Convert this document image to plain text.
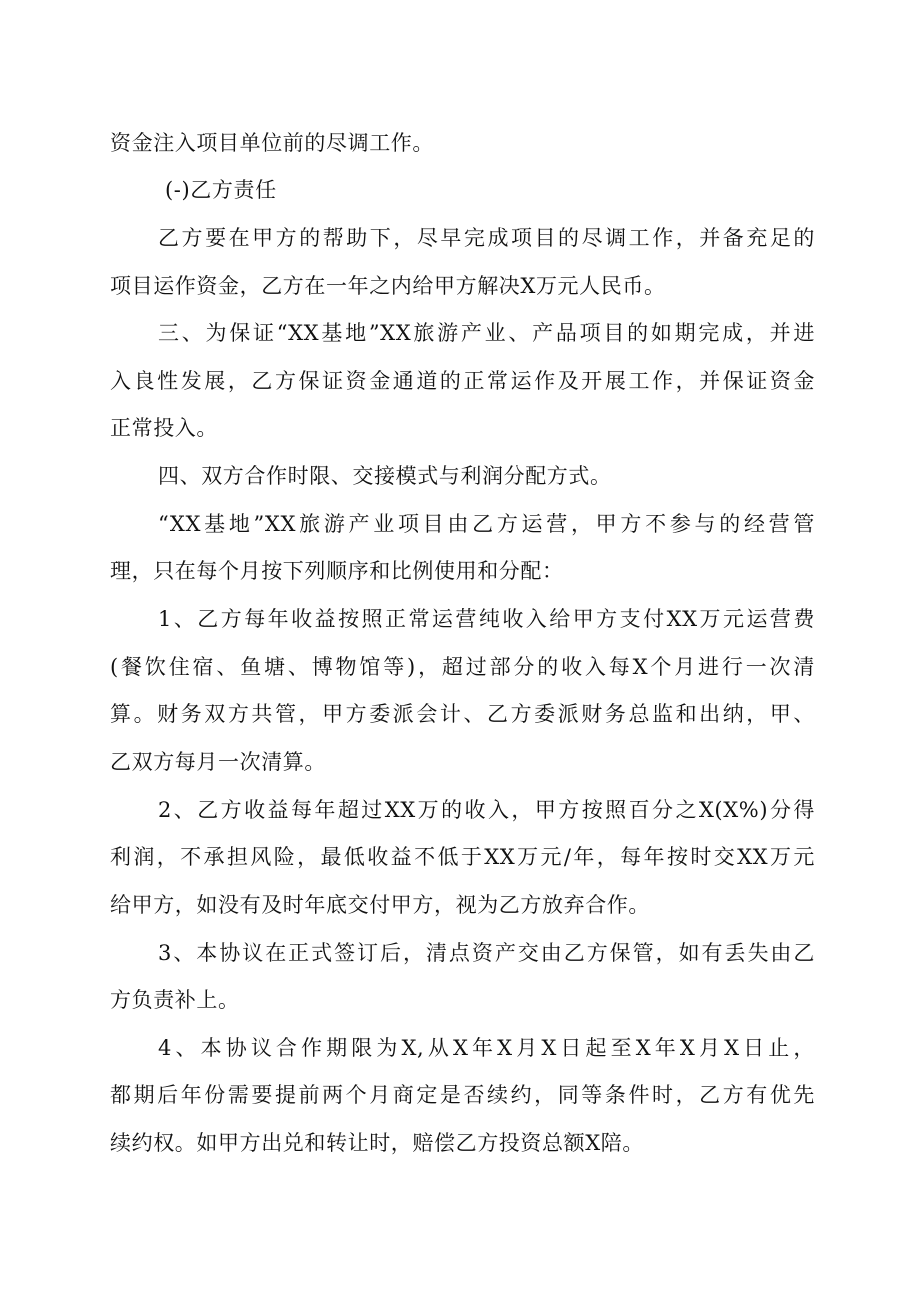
资金注入项目单位前的尽调工作。
(-)乙方责任
乙方要在甲方的帮助下，尽早完成项目的尽调工作，并备充足的
项目运作资金，乙方在一年之内给甲方解决X万元人民币。
三、为保证“XX基地”XX旅游产业、产品项目的如期完成，并进
入良性发展，乙方保证资金通道的正常运作及开展工作，并保证资金
正常投入。
四、双方合作时限、交接模式与利润分配方式。
“XX基地”XX旅游产业项目由乙方运营，甲方不参与的经营管
理，只在每个月按下列顺序和比例使用和分配：
1、乙方每年收益按照正常运营纯收入给甲方支付XX万元运营费
(餐饮住宿、鱼塘、博物馆等)，超过部分的收入每X个月进行一次清
算。财务双方共管，甲方委派会计、乙方委派财务总监和出纳，甲、
乙双方每月一次清算。
2、乙方收益每年超过XX万的收入，甲方按照百分之X(X%)分得
利润，不承担风险，最低收益不低于XX万元/年，每年按时交XX万元
给甲方，如没有及时年底交付甲方，视为乙方放弃合作。
3、本协议在正式签订后，清点资产交由乙方保管，如有丢失由乙
方负责补上。
4、本协议合作期限为X,从X年X月X日起至X年X月X日止，
都期后年份需要提前两个月商定是否续约，同等条件时，乙方有优先
续约权。如甲方出兑和转让时，赔偿乙方投资总额X陪。
